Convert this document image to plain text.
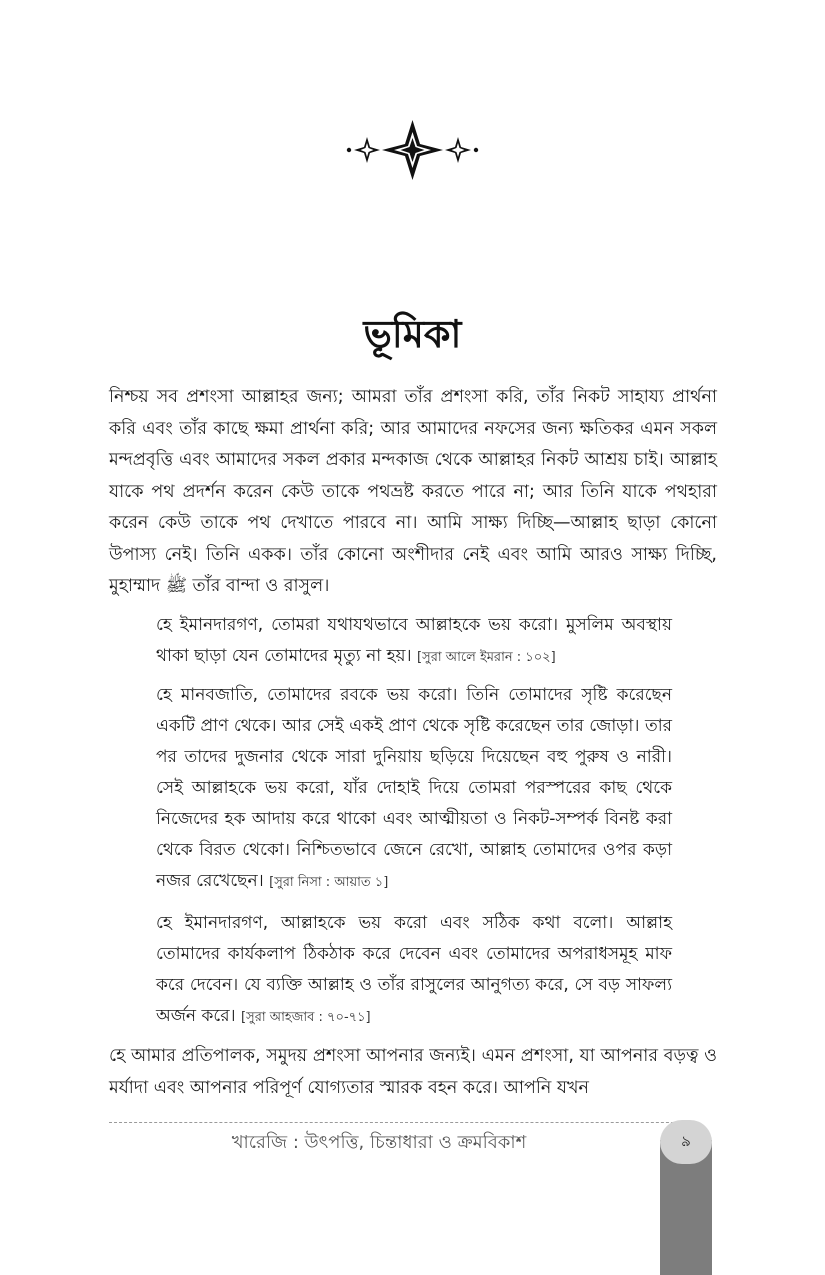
ভূমিকা

নিশ্চয় সব প্রশংসা আল্লাহর জন্য; আমরা তাঁর প্রশংসা করি, তাঁর নিকট সাহায্য প্রার্থনা করি এবং তাঁর কাছে ক্ষমা প্রার্থনা করি; আর আমাদের নফসের জন্য ক্ষতিকর এমন সকল মন্দপ্রবৃত্তি এবং আমাদের সকল প্রকার মন্দকাজ থেকে আল্লাহর নিকট আশ্রয় চাই। আল্লাহ যাকে পথ প্রদর্শন করেন কেউ তাকে পথভ্রষ্ট করতে পারে না; আর তিনি যাকে পথহারা করেন কেউ তাকে পথ দেখাতে পারবে না। আমি সাক্ষ্য দিচ্ছি—আল্লাহ ছাড়া কোনো উপাস্য নেই। তিনি একক। তাঁর কোনো অংশীদার নেই এবং আমি আরও সাক্ষ্য দিচ্ছি, মুহাম্মাদ ﷺ তাঁর বান্দা ও রাসুল।

হে ইমানদারগণ, তোমরা যথাযথভাবে আল্লাহকে ভয় করো। মুসলিম অবস্থায় থাকা ছাড়া যেন তোমাদের মৃত্যু না হয়। [সুরা আলে ইমরান : ১০২]

হে মানবজাতি, তোমাদের রবকে ভয় করো। তিনি তোমাদের সৃষ্টি করেছেন একটি প্রাণ থেকে। আর সেই একই প্রাণ থেকে সৃষ্টি করেছেন তার জোড়া। তার পর তাদের দুজনার থেকে সারা দুনিয়ায় ছড়িয়ে দিয়েছেন বহু পুরুষ ও নারী। সেই আল্লাহকে ভয় করো, যাঁর দোহাই দিয়ে তোমরা পরস্পরের কাছ থেকে নিজেদের হক আদায় করে থাকো এবং আত্মীয়তা ও নিকট-সম্পর্ক বিনষ্ট করা থেকে বিরত থেকো। নিশ্চিতভাবে জেনে রেখো, আল্লাহ তোমাদের ওপর কড়া নজর রেখেছেন। [সুরা নিসা : আয়াত ১]

হে ইমানদারগণ, আল্লাহকে ভয় করো এবং সঠিক কথা বলো। আল্লাহ তোমাদের কার্যকলাপ ঠিকঠাক করে দেবেন এবং তোমাদের অপরাধসমূহ মাফ করে দেবেন। যে ব্যক্তি আল্লাহ ও তাঁর রাসুলের আনুগত্য করে, সে বড় সাফল্য অর্জন করে। [সুরা আহজাব : ৭০-৭১]

হে আমার প্রতিপালক, সমুদয় প্রশংসা আপনার জন্যই। এমন প্রশংসা, যা আপনার বড়ত্ব ও মর্যাদা এবং আপনার পরিপূর্ণ যোগ্যতার স্মারক বহন করে। আপনি যখন

খারেজি : উৎপত্তি, চিন্তাধারা ও ক্রমবিকাশ	৯
